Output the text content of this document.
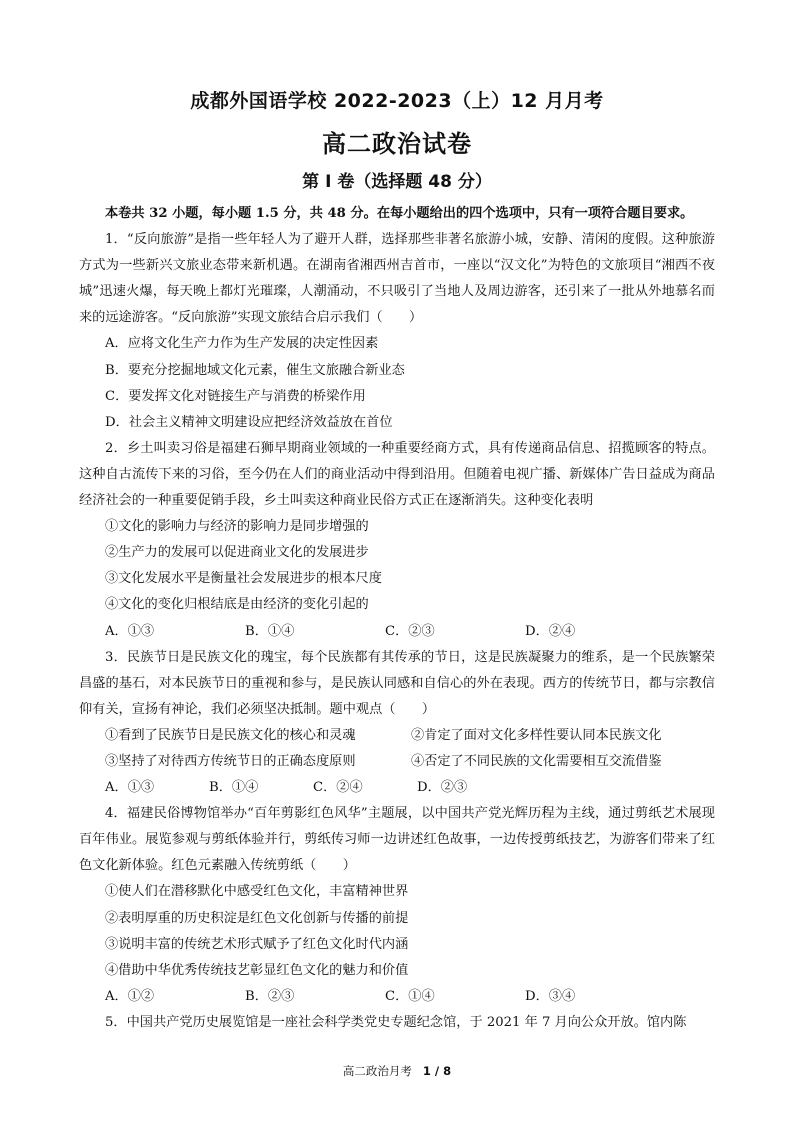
成都外国语学校 2022-2023（上）12 月月考
高二政治试卷
第 I 卷（选择题 48 分）
本卷共 32 小题，每小题 1.5 分，共 48 分。在每小题给出的四个选项中，只有一项符合题目要求。
1．“反向旅游”是指一些年轻人为了避开人群，选择那些非著名旅游小城，安静、清闲的度假。这种旅游方式为一些新兴文旅业态带来新机遇。在湖南省湘西州吉首市，一座以“汉文化”为特色的文旅项目“湘西不夜城”迅速火爆，每天晚上都灯光璀璨，人潮涌动，不只吸引了当地人及周边游客，还引来了一批从外地慕名而来的远途游客。“反向旅游”实现文旅结合启示我们（　　）
A．应将文化生产力作为生产发展的决定性因素
B．要充分挖掘地域文化元素，催生文旅融合新业态
C．要发挥文化对链接生产与消费的桥梁作用
D．社会主义精神文明建设应把经济效益放在首位
2．乡土叫卖习俗是福建石狮早期商业领域的一种重要经商方式，具有传递商品信息、招揽顾客的特点。这种自古流传下来的习俗，至今仍在人们的商业活动中得到沿用。但随着电视广播、新媒体广告日益成为商品经济社会的一种重要促销手段，乡土叫卖这种商业民俗方式正在逐渐消失。这种变化表明
①文化的影响力与经济的影响力是同步增强的
②生产力的发展可以促进商业文化的发展进步
③文化发展水平是衡量社会发展进步的根本尺度
④文化的变化归根结底是由经济的变化引起的
A．①③	B．①④	C．②③	D．②④
3．民族节日是民族文化的瑰宝，每个民族都有其传承的节日，这是民族凝聚力的维系，是一个民族繁荣昌盛的基石，对本民族节日的重视和参与，是民族认同感和自信心的外在表现。西方的传统节日，都与宗教信仰有关，宣扬有神论，我们必须坚决抵制。题中观点（　　）
①看到了民族节日是民族文化的核心和灵魂	②肯定了面对文化多样性要认同本民族文化
③坚持了对待西方传统节日的正确态度原则	④否定了不同民族的文化需要相互交流借鉴
A．①③	B．①④	C．②④	D．②③
4．福建民俗博物馆举办“百年剪影红色风华”主题展，以中国共产党光辉历程为主线，通过剪纸艺术展现百年伟业。展览参观与剪纸体验并行，剪纸传习师一边讲述红色故事，一边传授剪纸技艺，为游客们带来了红色文化新体验。红色元素融入传统剪纸（　　）
①使人们在潜移默化中感受红色文化，丰富精神世界
②表明厚重的历史积淀是红色文化创新与传播的前提
③说明丰富的传统艺术形式赋予了红色文化时代内涵
④借助中华优秀传统技艺彰显红色文化的魅力和价值
A．①②	B．②③	C．①④	D．③④
5．中国共产党历史展览馆是一座社会科学类党史专题纪念馆，于 2021 年 7 月向公众开放。馆内陈
高二政治月考 1 / 8
